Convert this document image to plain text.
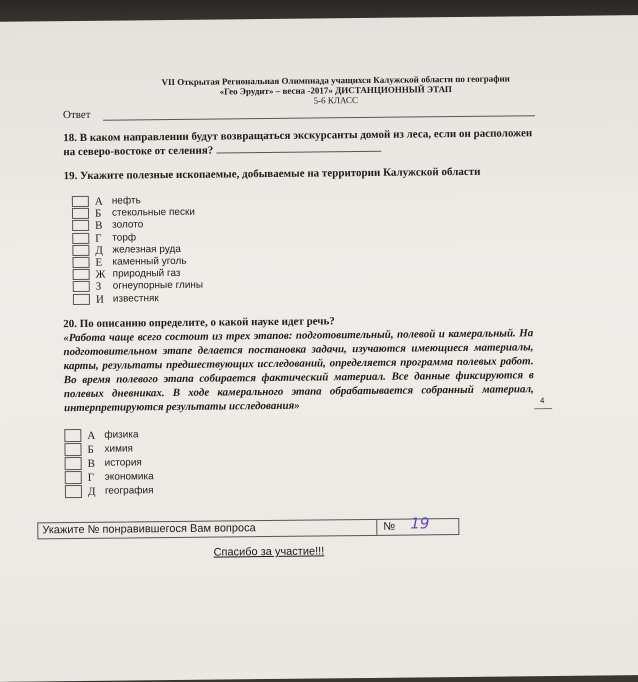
VII Открытая Региональная Олимпиада учащихся Калужской области по географии
«Гео Эрудит» – весна -2017» ДИСТАНЦИОННЫЙ ЭТАП
5-6 КЛАСС
Ответ
18. В каком направлении будут возвращаться экскурсанты домой из леса, если он расположен на северо-востоке от селения?
19. Укажите полезные ископаемые, добываемые на территории Калужской области
А нефть
Б стекольные пески
В золото
Г торф
Д железная руда
Е каменный уголь
Ж природный газ
З огнеупорные глины
И известняк
20. По описанию определите, о какой науке идет речь?
«Работа чаще всего состоит из трех этапов: подготовительный, полевой и камеральный. На подготовительном этапе делается постановка задачи, изучаются имеющиеся материалы, карты, результаты предшествующих исследований, определяется программа полевых работ. Во время полевого этапа собирается фактический материал. Все данные фиксируются в полевых дневниках. В ходе камерального этапа обрабатывается собранный материал, интерпретируются результаты исследования»	4
А физика
Б химия
В история
Г экономика
Д география
Укажите № понравившегося Вам вопроса	№ 19
Спасибо за участие!!!
